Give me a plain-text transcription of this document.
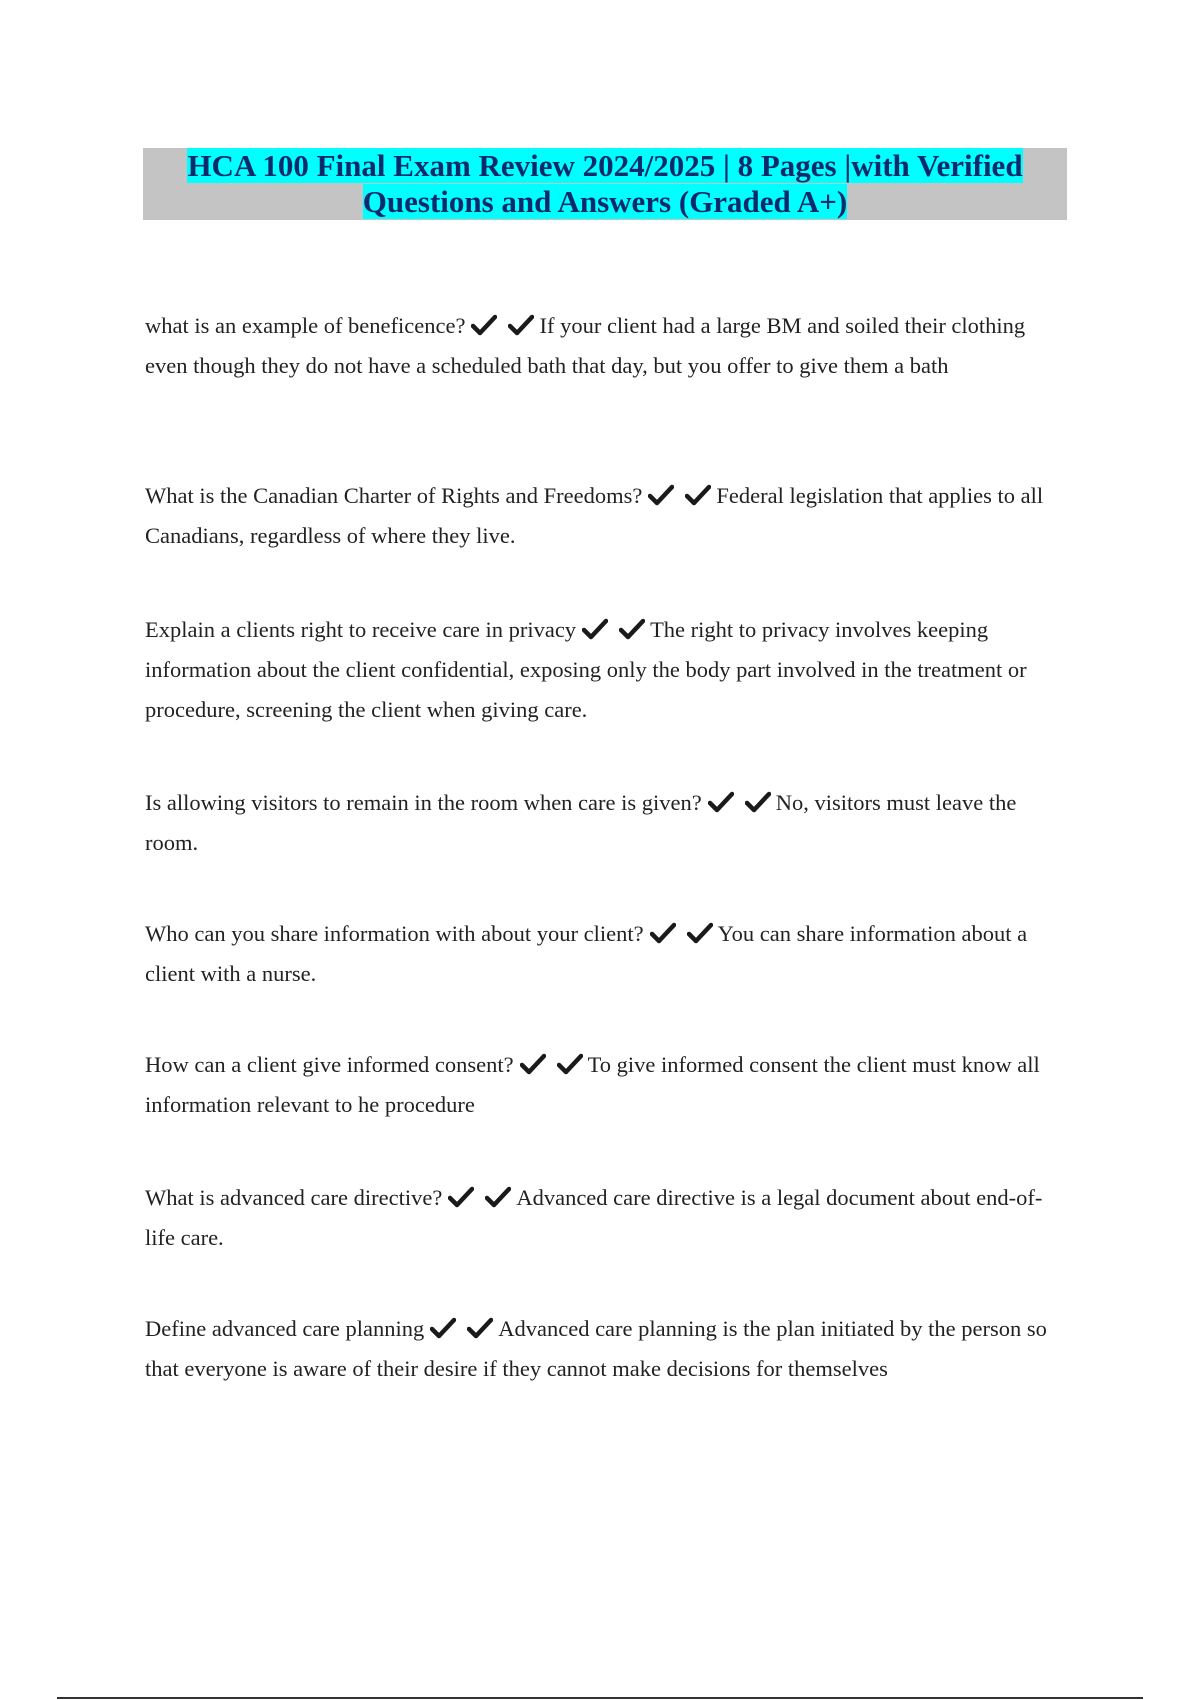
HCA 100 Final Exam Review 2024/2025 | 8 Pages |with Verified

Questions and Answers (Graded A+)

what is an example of beneficence?	If your client had a large BM and soiled their clothing even though they do not have a scheduled bath that day, but you offer to give them a bath
What is the Canadian Charter of Rights and Freedoms?	Federal legislation that applies to all Canadians, regardless of where they live.
Explain a clients right to receive care in privacy	The right to privacy involves keeping information about the client confidential, exposing only the body part involved in the treatment or procedure, screening the client when giving care.
Is allowing visitors to remain in the room when care is given?	No, visitors must leave the room.
Who can you share information with about your client?	You can share information about a client with a nurse.
How can a client give informed consent?	To give informed consent the client must know all information relevant to he procedure
What is advanced care directive?	Advanced care directive is a legal document about end-of-life care.
Define advanced care planning	Advanced care planning is the plan initiated by the person so that everyone is aware of their desire if they cannot make decisions for themselves
